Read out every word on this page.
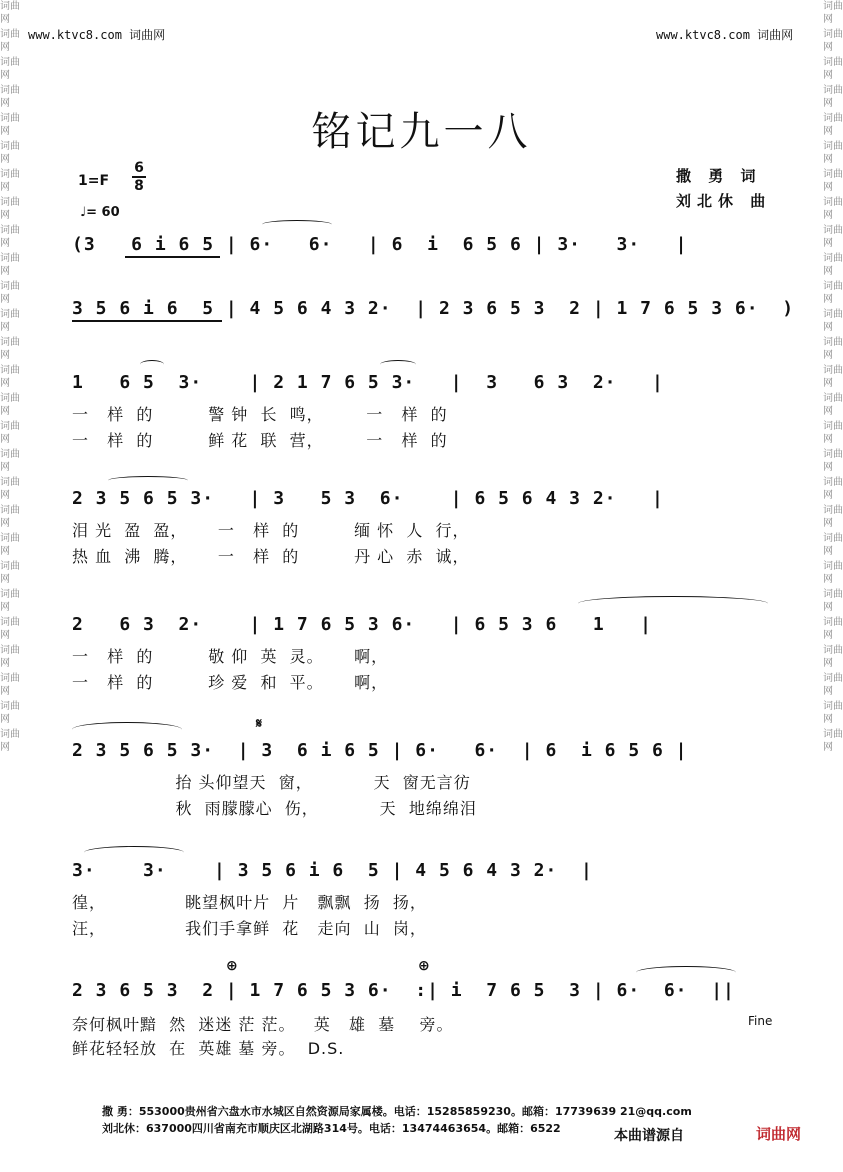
www.ktvc8.com 词曲网	www.ktvc8.com 词曲网
词曲网
词曲网
词曲网
词曲网
词曲网
词曲网
词曲网
词曲网
词曲网
词曲网
词曲网
词曲网
词曲网
词曲网
词曲网
词曲网
词曲网
词曲网
词曲网
词曲网
词曲网
词曲网
词曲网
词曲网
词曲网
词曲网
词曲网
词曲网
词曲网
词曲网
词曲网
词曲网
词曲网
词曲网
词曲网
词曲网
词曲网
词曲网
词曲网
词曲网
词曲网
词曲网
词曲网
词曲网
词曲网
词曲网
词曲网
词曲网
词曲网
词曲网
词曲网
词曲网
词曲网
词曲网
铭记九一八
1=F
6
8
♩= 60
撒 勇 词
刘北休 曲
(3   6 i 6 5 | 6·   6·   | 6  i  6 5 6 | 3·   3·   |
3 5 6 i 6  5 | 4 5 6 4 3 2·  | 2 3 6 5 3  2 | 1 7 6 5 3 6·  )
1   6 5  3·    | 2 1 7 6 5 3·   |  3   6 3  2·   |
一   样  的         警 钟  长  鸣，       一   样  的
一   样  的         鲜 花  联  营，       一   样  的
2 3 5 6 5 3·   | 3   5 3  6·    | 6 5 6 4 3 2·   |
泪 光  盈  盈，     一   样  的         缅 怀  人  行，
热 血  沸  腾，     一   样  的         丹 心  赤  诚，
2   6 3  2·    | 1 7 6 5 3 6·   | 6 5 3 6   1   |
一   样  的         敬 仰  英  灵。     啊，
一   样  的         珍 爱  和  平。     啊，
𝄋
2 3 5 6 5 3·  | 3  6 i 6 5 | 6·   6·  | 6  i 6 5 6 |
抬 头仰望天  窗，          天  窗无言彷
秋  雨朦朦心  伤，          天  地绵绵泪
3·    3·    | 3 5 6 i 6  5 | 4 5 6 4 3 2·  |
徨，             眺望枫叶片  片   飘飘  扬  扬，
汪，             我们手拿鲜  花   走向  山  岗，
⊕	⊕
2 3 6 5 3  2 | 1 7 6 5 3 6·  :| i  7 6 5  3 | 6·  6·  ||
奈何枫叶黯  然  迷迷 茫 茫。   英   雄  墓    旁。
鲜花轻轻放  在  英雄 墓 旁。  D.S.
Fine
撒 勇：553000贵州省六盘水市水城区自然资源局家属楼。电话：15285859230。邮箱：17739639 21@qq.com
刘北休：637000四川省南充市顺庆区北湖路314号。电话：13474463654。邮箱：6522	本曲谱源自	词曲网
